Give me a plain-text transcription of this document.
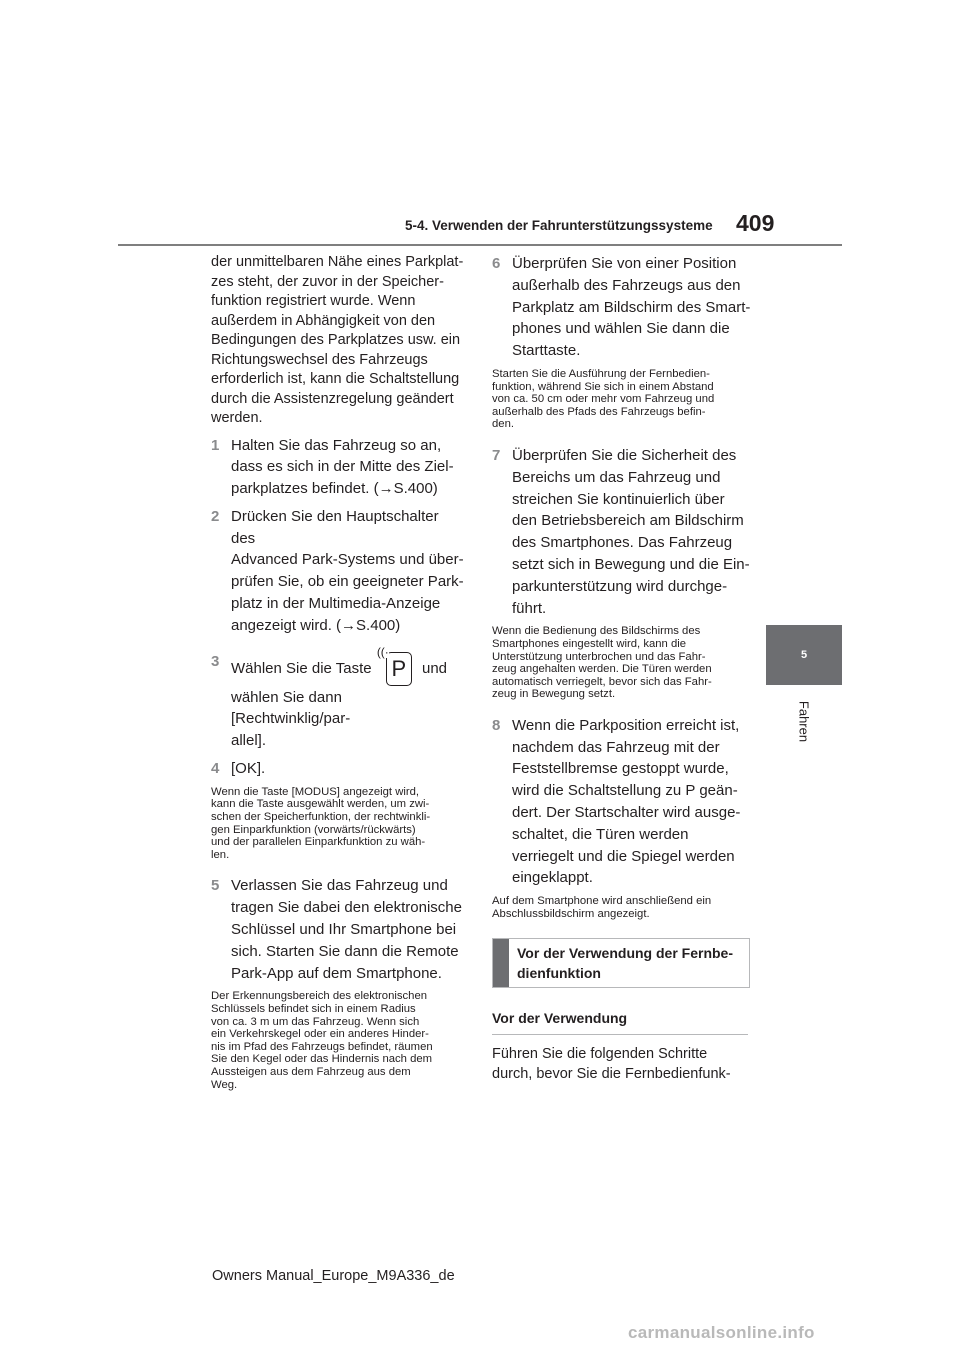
5-4. Verwenden der Fahrunterstützungssysteme 409
5
Fahren
der unmittelbaren Nähe eines Parkplat-
zes steht, der zuvor in der Speicher-
funktion registriert wurde. Wenn
außerdem in Abhängigkeit von den
Bedingungen des Parkplatzes usw. ein
Richtungswechsel des Fahrzeugs
erforderlich ist, kann die Schaltstellung
durch die Assistenzregelung geändert
werden.
1 Halten Sie das Fahrzeug so an,
dass es sich in der Mitte des Ziel-
parkplatzes befindet. (→S.400)
2 Drücken Sie den Hauptschalter des
Advanced Park-Systems und über-
prüfen Sie, ob ein geeigneter Park-
platz in der Multimedia-Anzeige
angezeigt wird. (→S.400)
3 Wählen Sie die Taste
((·
P und
wählen Sie dann [Rechtwinklig/par-
allel].
4 [OK].
Wenn die Taste [MODUS] angezeigt wird,
kann die Taste ausgewählt werden, um zwi-
schen der Speicherfunktion, der rechtwinkli-
gen Einparkfunktion (vorwärts/rückwärts)
und der parallelen Einparkfunktion zu wäh-
len.
5 Verlassen Sie das Fahrzeug und
tragen Sie dabei den elektronische
Schlüssel und Ihr Smartphone bei
sich. Starten Sie dann die Remote
Park-App auf dem Smartphone.
Der Erkennungsbereich des elektronischen
Schlüssels befindet sich in einem Radius
von ca. 3 m um das Fahrzeug. Wenn sich
ein Verkehrskegel oder ein anderes Hinder-
nis im Pfad des Fahrzeugs befindet, räumen
Sie den Kegel oder das Hindernis nach dem
Aussteigen aus dem Fahrzeug aus dem
Weg.
6 Überprüfen Sie von einer Position
außerhalb des Fahrzeugs aus den
Parkplatz am Bildschirm des Smart-
phones und wählen Sie dann die
Starttaste.
Starten Sie die Ausführung der Fernbedien-
funktion, während Sie sich in einem Abstand
von ca. 50 cm oder mehr vom Fahrzeug und
außerhalb des Pfads des Fahrzeugs befin-
den.
7 Überprüfen Sie die Sicherheit des
Bereichs um das Fahrzeug und
streichen Sie kontinuierlich über
den Betriebsbereich am Bildschirm
des Smartphones. Das Fahrzeug
setzt sich in Bewegung und die Ein-
parkunterstützung wird durchge-
führt.
Wenn die Bedienung des Bildschirms des
Smartphones eingestellt wird, kann die
Unterstützung unterbrochen und das Fahr-
zeug angehalten werden. Die Türen werden
automatisch verriegelt, bevor sich das Fahr-
zeug in Bewegung setzt.
8 Wenn die Parkposition erreicht ist,
nachdem das Fahrzeug mit der
Feststellbremse gestoppt wurde,
wird die Schaltstellung zu P geän-
dert. Der Startschalter wird ausge-
schaltet, die Türen werden
verriegelt und die Spiegel werden
eingeklappt.
Auf dem Smartphone wird anschließend ein
Abschlussbildschirm angezeigt.
Vor der Verwendung der Fernbe-
dienfunktion
Vor der Verwendung
Führen Sie die folgenden Schritte
durch, bevor Sie die Fernbedienfunk-
Owners Manual_Europe_M9A336_de
carmanualsonline.info
